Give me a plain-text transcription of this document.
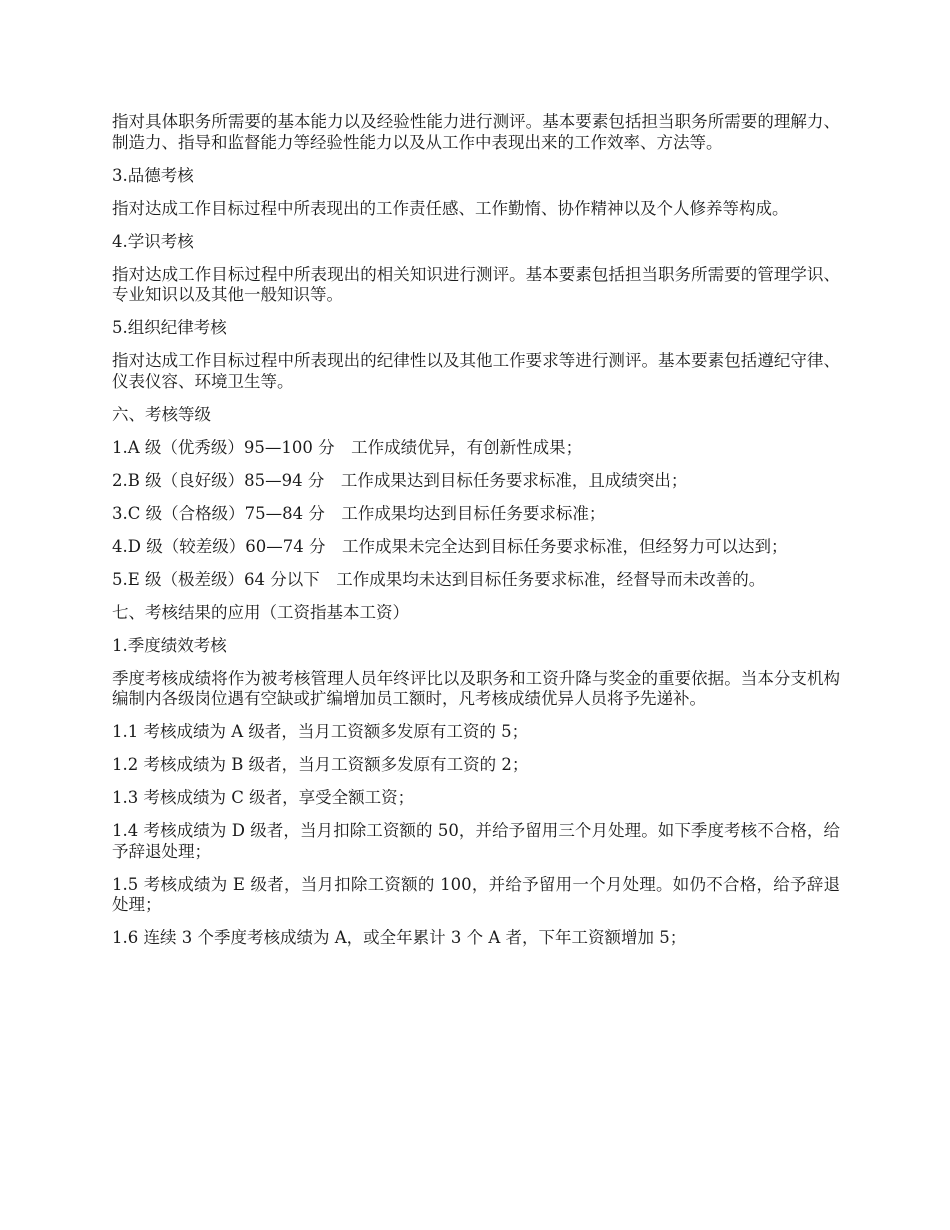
指对具体职务所需要的基本能力以及经验性能力进行测评。基本要素包括担当职务所需要的理解力、制造力、指导和监督能力等经验性能力以及从工作中表现出来的工作效率、方法等。

3.品德考核

指对达成工作目标过程中所表现出的工作责任感、工作勤惰、协作精神以及个人修养等构成。

4.学识考核

指对达成工作目标过程中所表现出的相关知识进行测评。基本要素包括担当职务所需要的管理学识、专业知识以及其他一般知识等。

5.组织纪律考核

指对达成工作目标过程中所表现出的纪律性以及其他工作要求等进行测评。基本要素包括遵纪守律、仪表仪容、环境卫生等。

六、考核等级

1.A 级（优秀级）95—100 分　工作成绩优异，有创新性成果；

2.B 级（良好级）85—94 分　工作成果达到目标任务要求标准，且成绩突出；

3.C 级（合格级）75—84 分　工作成果均达到目标任务要求标准；

4.D 级（较差级）60—74 分　工作成果未完全达到目标任务要求标准，但经努力可以达到；

5.E 级（极差级）64 分以下　工作成果均未达到目标任务要求标准，经督导而未改善的。

七、考核结果的应用（工资指基本工资）

1.季度绩效考核

季度考核成绩将作为被考核管理人员年终评比以及职务和工资升降与奖金的重要依据。当本分支机构编制内各级岗位遇有空缺或扩编增加员工额时，凡考核成绩优异人员将予先递补。

1.1 考核成绩为 A 级者，当月工资额多发原有工资的 5；

1.2 考核成绩为 B 级者，当月工资额多发原有工资的 2；

1.3 考核成绩为 C 级者，享受全额工资；

1.4 考核成绩为 D 级者，当月扣除工资额的 50，并给予留用三个月处理。如下季度考核不合格，给予辞退处理；

1.5 考核成绩为 E 级者，当月扣除工资额的 100，并给予留用一个月处理。如仍不合格，给予辞退处理；

1.6 连续 3 个季度考核成绩为 A，或全年累计 3 个 A 者，下年工资额增加 5；
